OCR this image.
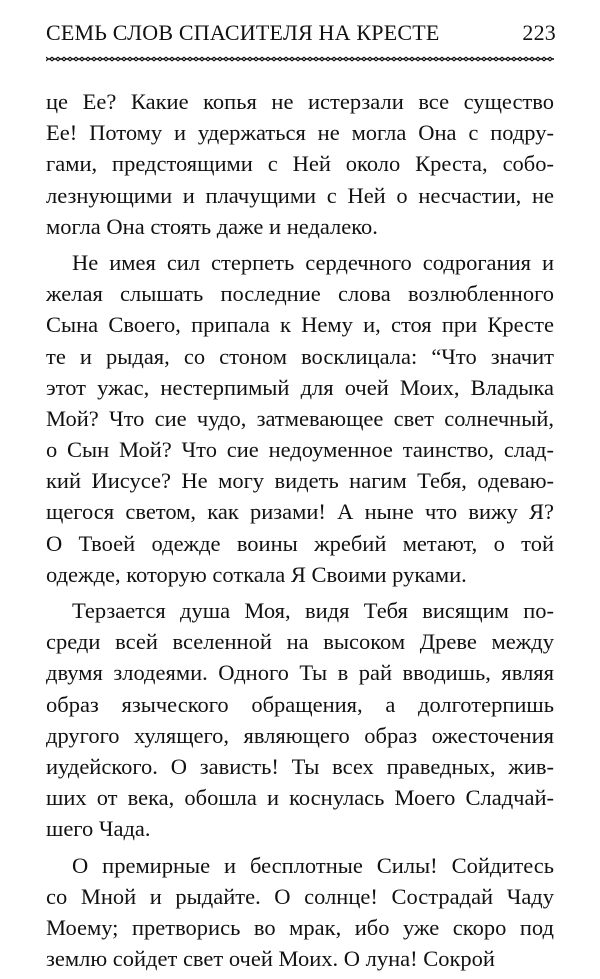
СЕМЬ СЛОВ СПАСИТЕЛЯ НА КРЕСТЕ	223
це Ее? Какие копья не истерзали все существо
Ее! Потому и удержаться не могла Она с подру-
гами, предстоящими с Ней около Креста, собо-
лезнующими и плачущими с Ней о несчастии, не
могла Она стоять даже и недалеко.
Не имея сил стерпеть сердечного содрогания и
желая слышать последние слова возлюбленного
Сына Своего, припала к Нему и, стоя при Кресте
те и рыдая, со стоном восклицала: “Что значит
этот ужас, нестерпимый для очей Моих, Владыка
Мой? Что сие чудо, затмевающее свет солнечный,
о Сын Мой? Что сие недоуменное таинство, слад-
кий Иисусе? Не могу видеть нагим Тебя, одеваю-
щегося светом, как ризами! А ныне что вижу Я?
О Твоей одежде воины жребий метают, о той
одежде, которую соткала Я Своими руками.
Терзается душа Моя, видя Тебя висящим по-
среди всей вселенной на высоком Древе между
двумя злодеями. Одного Ты в рай вводишь, являя
образ языческого обращения, а долготерпишь
другого хулящего, являющего образ ожесточения
иудейского. О зависть! Ты всех праведных, жив-
ших от века, обошла и коснулась Моего Сладчай-
шего Чада.
О премирные и бесплотные Силы! Сойдитесь
со Мной и рыдайте. О солнце! Сострадай Чаду
Моему; претворись во мрак, ибо уже скоро под
землю сойдет свет очей Моих. О луна! Сокрой
